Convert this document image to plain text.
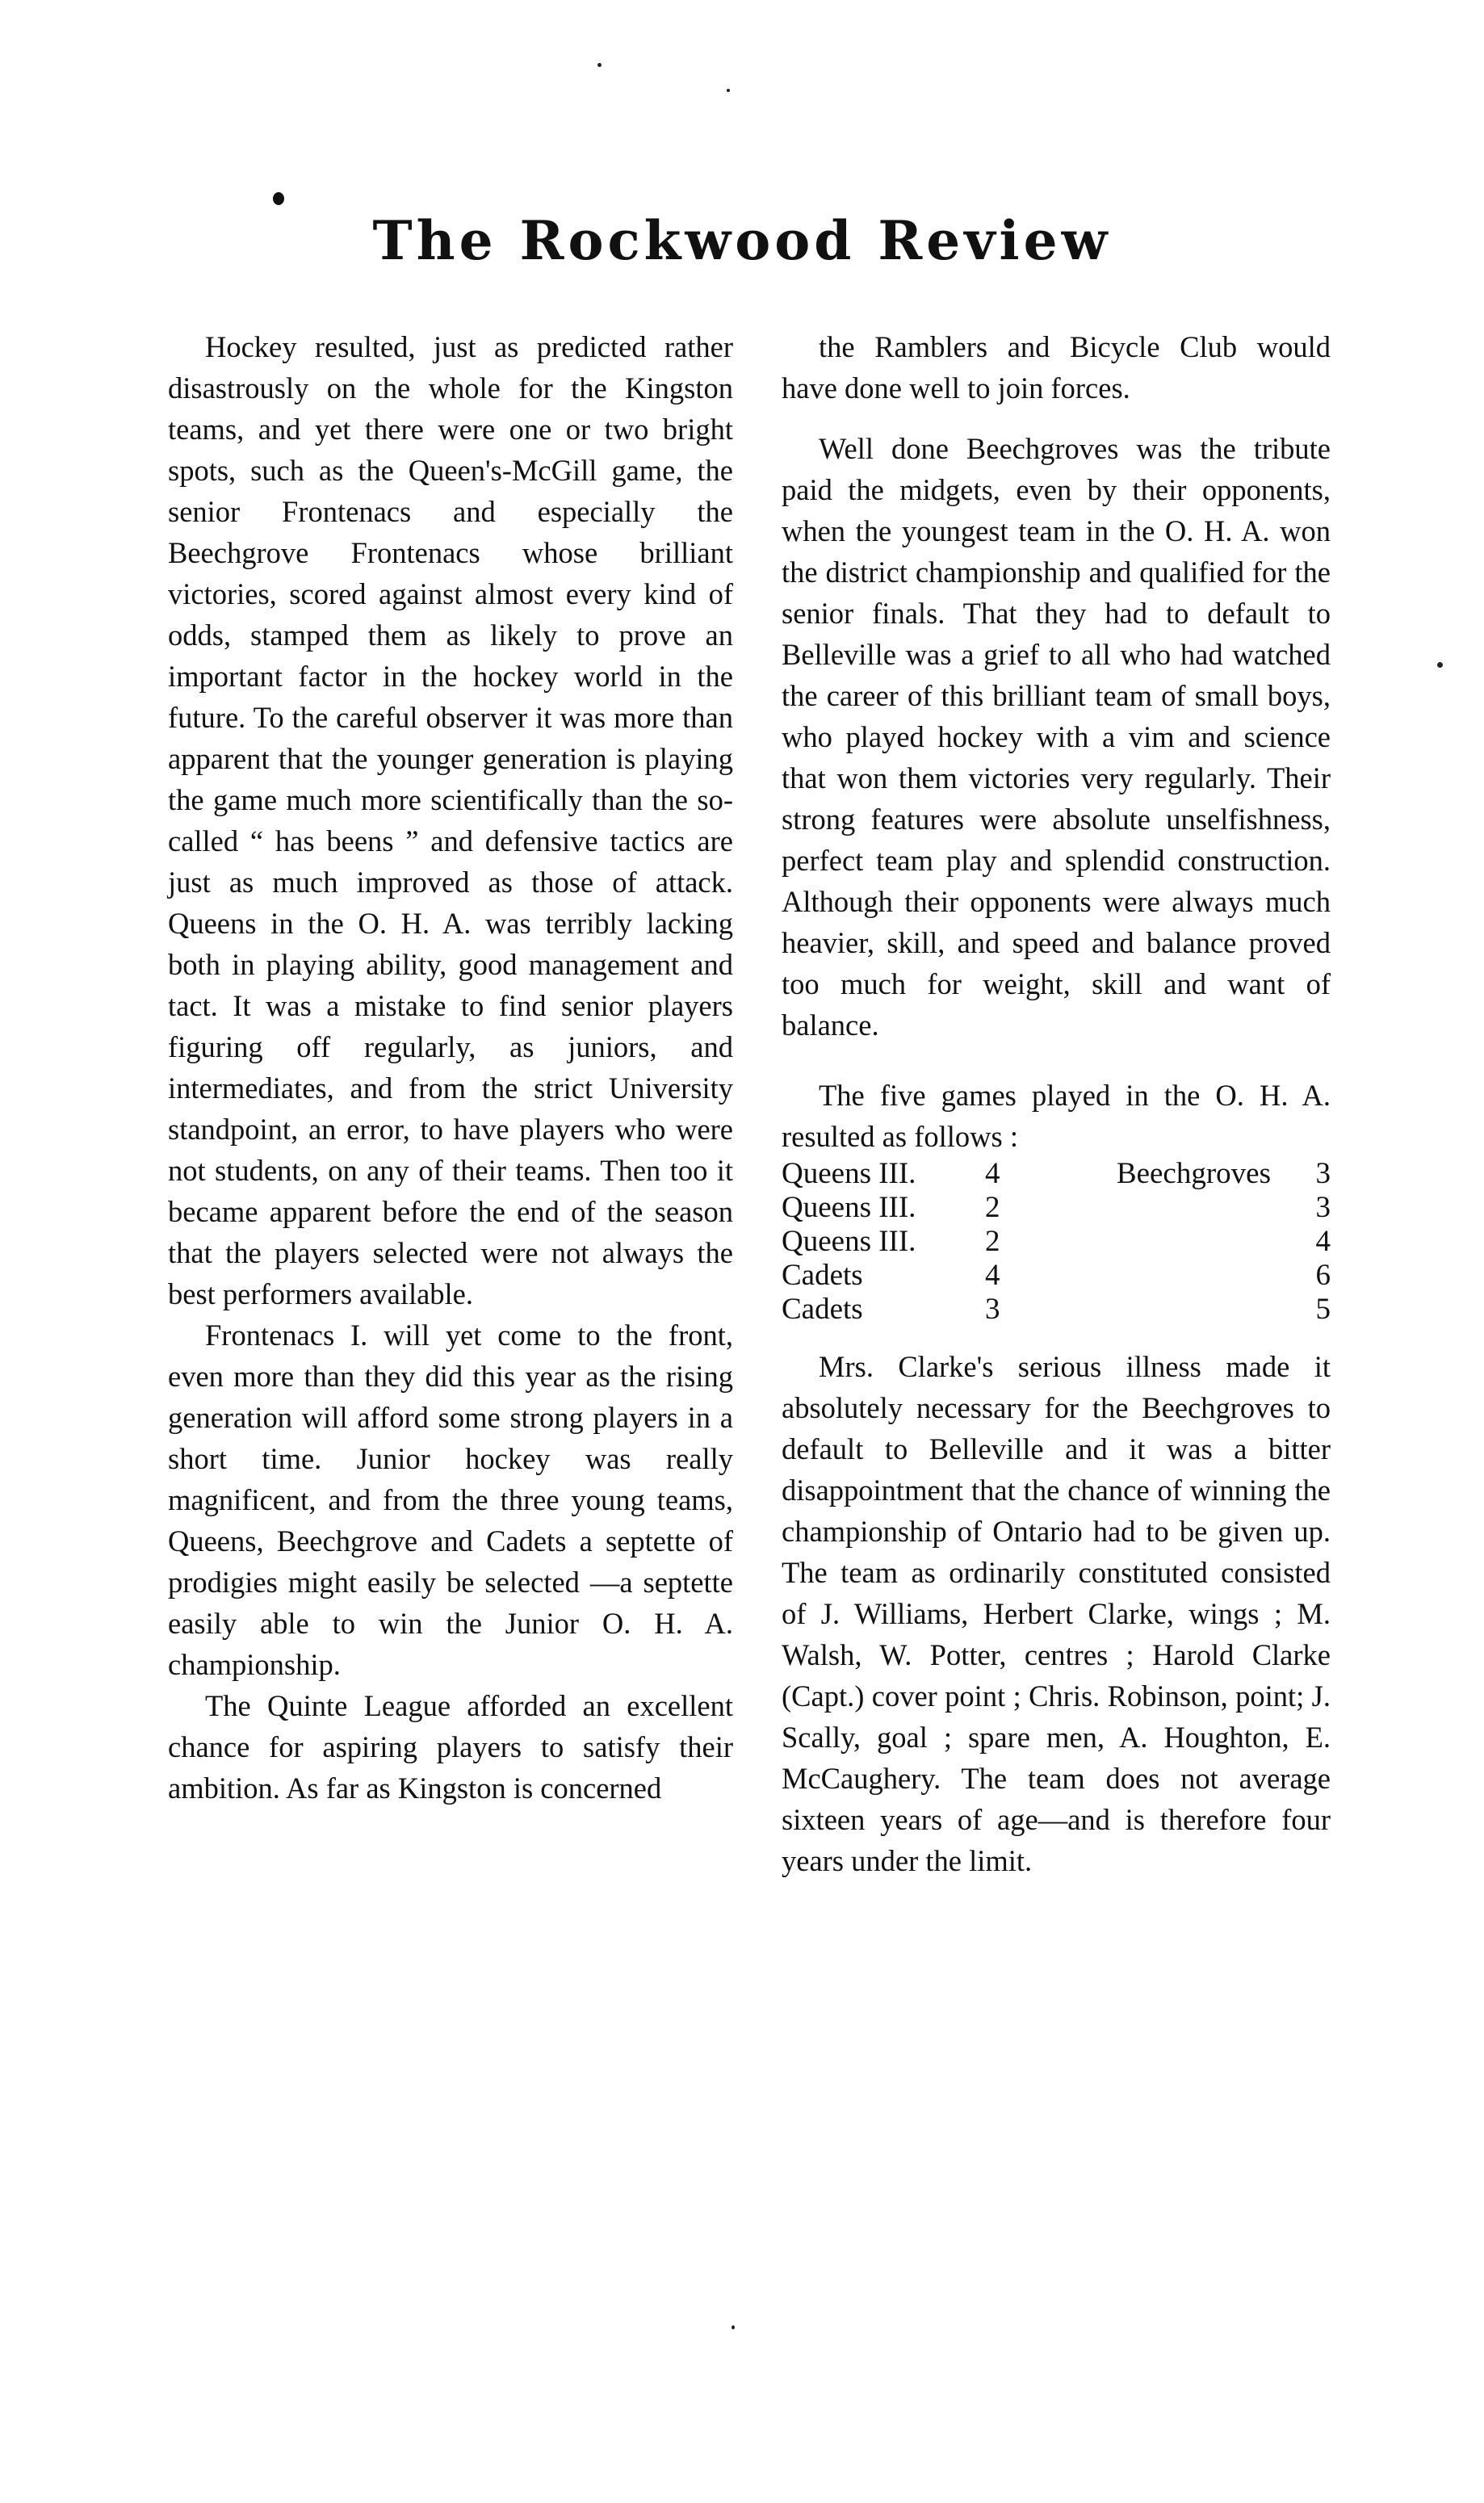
The Rockwood Review

Hockey resulted, just as predicted rather disastrously on the whole for the Kingston teams, and yet there were one or two bright spots, such as the Queen's-McGill game, the senior Frontenacs and especially the Beechgrove Frontenacs whose brilliant victories, scored against almost every kind of odds, stamped them as likely to prove an important factor in the hockey world in the future. To the careful observer it was more than apparent that the younger generation is playing the game much more scientifically than the so-called “ has beens ” and defensive tactics are just as much improved as those of attack. Queens in the O. H. A. was terribly lacking both in playing ability, good management and tact. It was a mistake to find senior players figuring off regularly, as juniors, and intermediates, and from the strict University standpoint, an error, to have players who were not students, on any of their teams. Then too it became apparent before the end of the season that the players selected were not always the best performers available.

Frontenacs I. will yet come to the front, even more than they did this year as the rising generation will afford some strong players in a short time. Junior hockey was really magnificent, and from the three young teams, Queens, Beechgrove and Cadets a septette of prodigies might easily be selected —a septette easily able to win the Junior O. H. A. championship.

The Quinte League afforded an excellent chance for aspiring players to satisfy their ambition. As far as Kingston is concerned

the Ramblers and Bicycle Club would have done well to join forces.

Well done Beechgroves was the tribute paid the midgets, even by their opponents, when the youngest team in the O. H. A. won the district championship and qualified for the senior finals. That they had to default to Belleville was a grief to all who had watched the career of this brilliant team of small boys, who played hockey with a vim and science that won them victories very regularly. Their strong features were absolute unselfishness, perfect team play and splendid construction. Although their opponents were always much heavier, skill, and speed and balance proved too much for weight, skill and want of balance.

The five games played in the O. H. A. resulted as follows :

Queens III.	4	Beechgroves	3
Queens III.	2	3
Queens III.	2	4
Cadets	4	6
Cadets	3	5

Mrs. Clarke's serious illness made it absolutely necessary for the Beechgroves to default to Belleville and it was a bitter disappointment that the chance of winning the championship of Ontario had to be given up. The team as ordinarily constituted consisted of J. Williams, Herbert Clarke, wings ; M. Walsh, W. Potter, centres ; Harold Clarke (Capt.) cover point ; Chris. Robinson, point; J. Scally, goal ; spare men, A. Houghton, E. McCaughery. The team does not average sixteen years of age—and is therefore four years under the limit.
